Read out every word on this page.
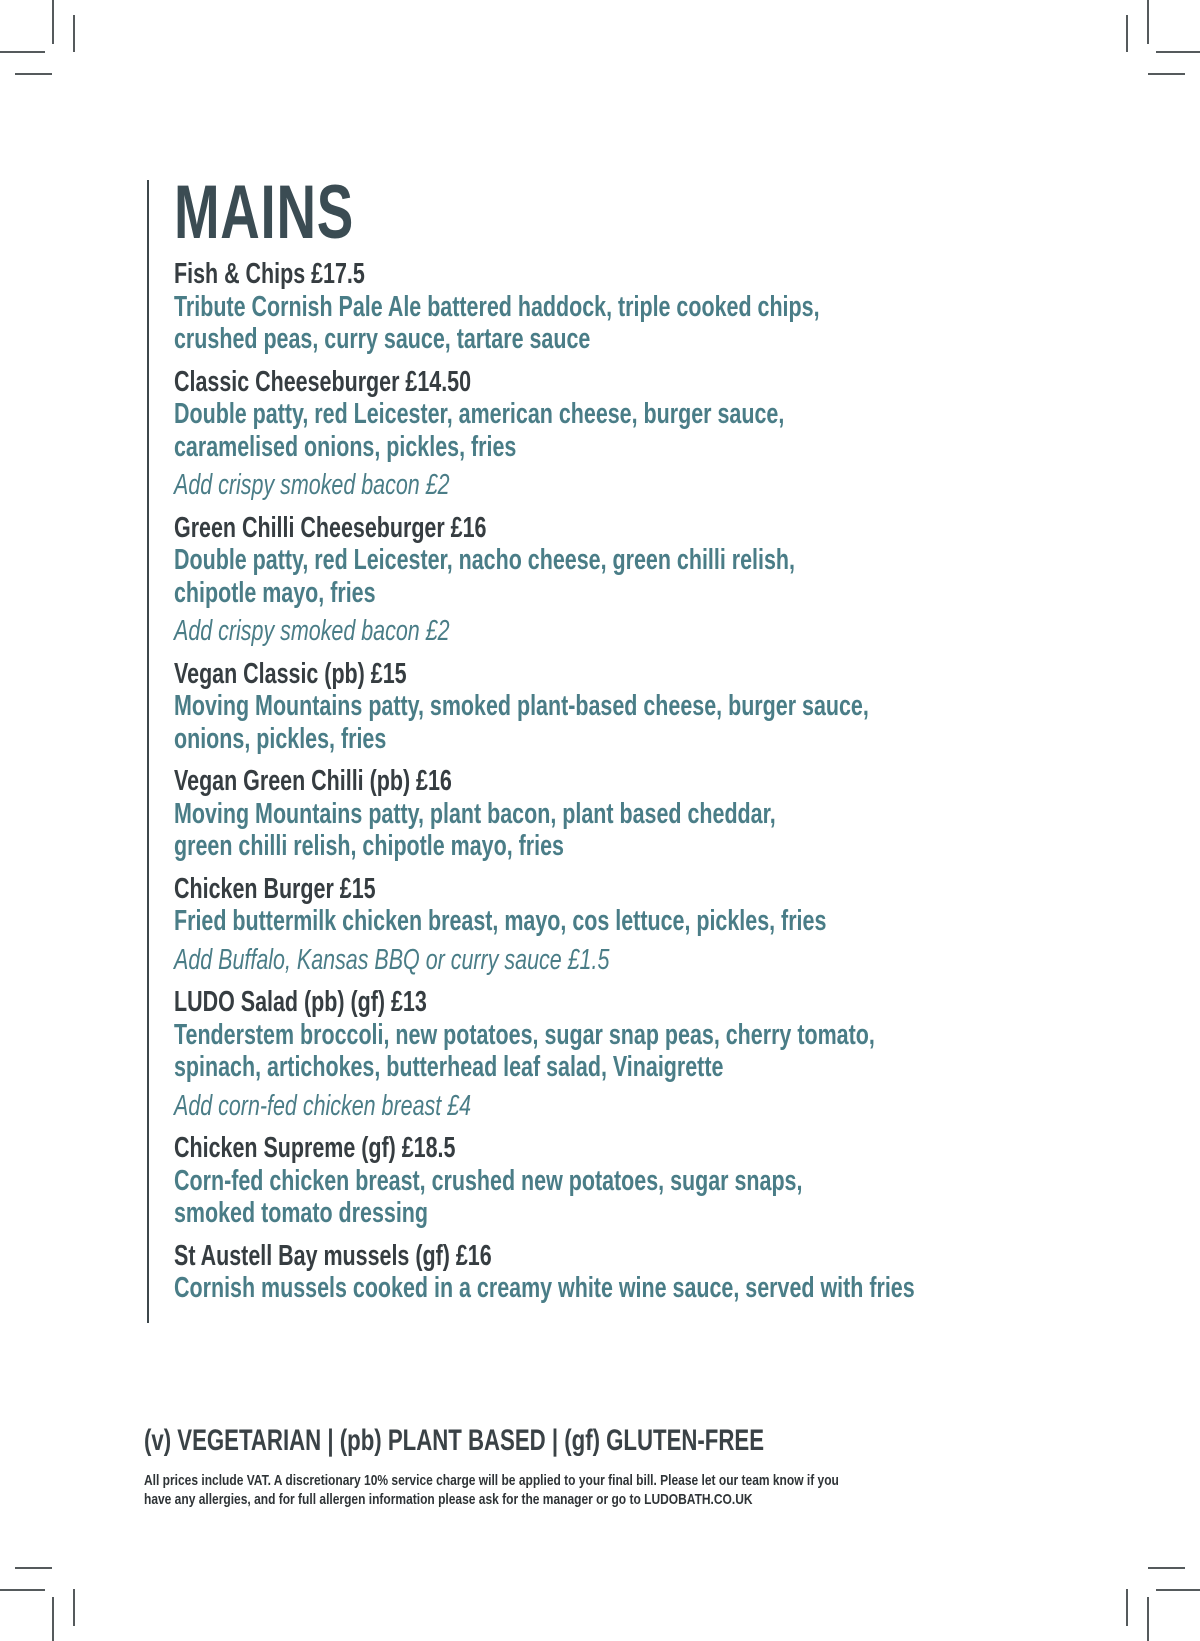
MAINS
Fish & Chips £17.5
Tribute Cornish Pale Ale battered haddock, triple cooked chips,
crushed peas, curry sauce, tartare sauce
Classic Cheeseburger £14.50
Double patty, red Leicester, american cheese, burger sauce,
caramelised onions, pickles, fries
Add crispy smoked bacon £2
Green Chilli Cheeseburger £16
Double patty, red Leicester, nacho cheese, green chilli relish,
chipotle mayo, fries
Add crispy smoked bacon £2
Vegan Classic (pb) £15
Moving Mountains patty, smoked plant-based cheese, burger sauce,
onions, pickles, fries
Vegan Green Chilli (pb) £16
Moving Mountains patty, plant bacon, plant based cheddar,
green chilli relish, chipotle mayo, fries
Chicken Burger £15
Fried buttermilk chicken breast, mayo, cos lettuce, pickles, fries
Add Buffalo, Kansas BBQ or curry sauce £1.5
LUDO Salad (pb) (gf) £13
Tenderstem broccoli, new potatoes, sugar snap peas, cherry tomato,
spinach, artichokes, butterhead leaf salad, Vinaigrette
Add corn-fed chicken breast £4
Chicken Supreme (gf) £18.5
Corn-fed chicken breast, crushed new potatoes, sugar snaps,
smoked tomato dressing
St Austell Bay mussels (gf) £16
Cornish mussels cooked in a creamy white wine sauce, served with fries
(v) VEGETARIAN | (pb) PLANT BASED | (gf) GLUTEN-FREE
All prices include VAT. A discretionary 10% service charge will be applied to your final bill. Please let our team know if you
have any allergies, and for full allergen information please ask for the manager or go to LUDOBATH.CO.UK
